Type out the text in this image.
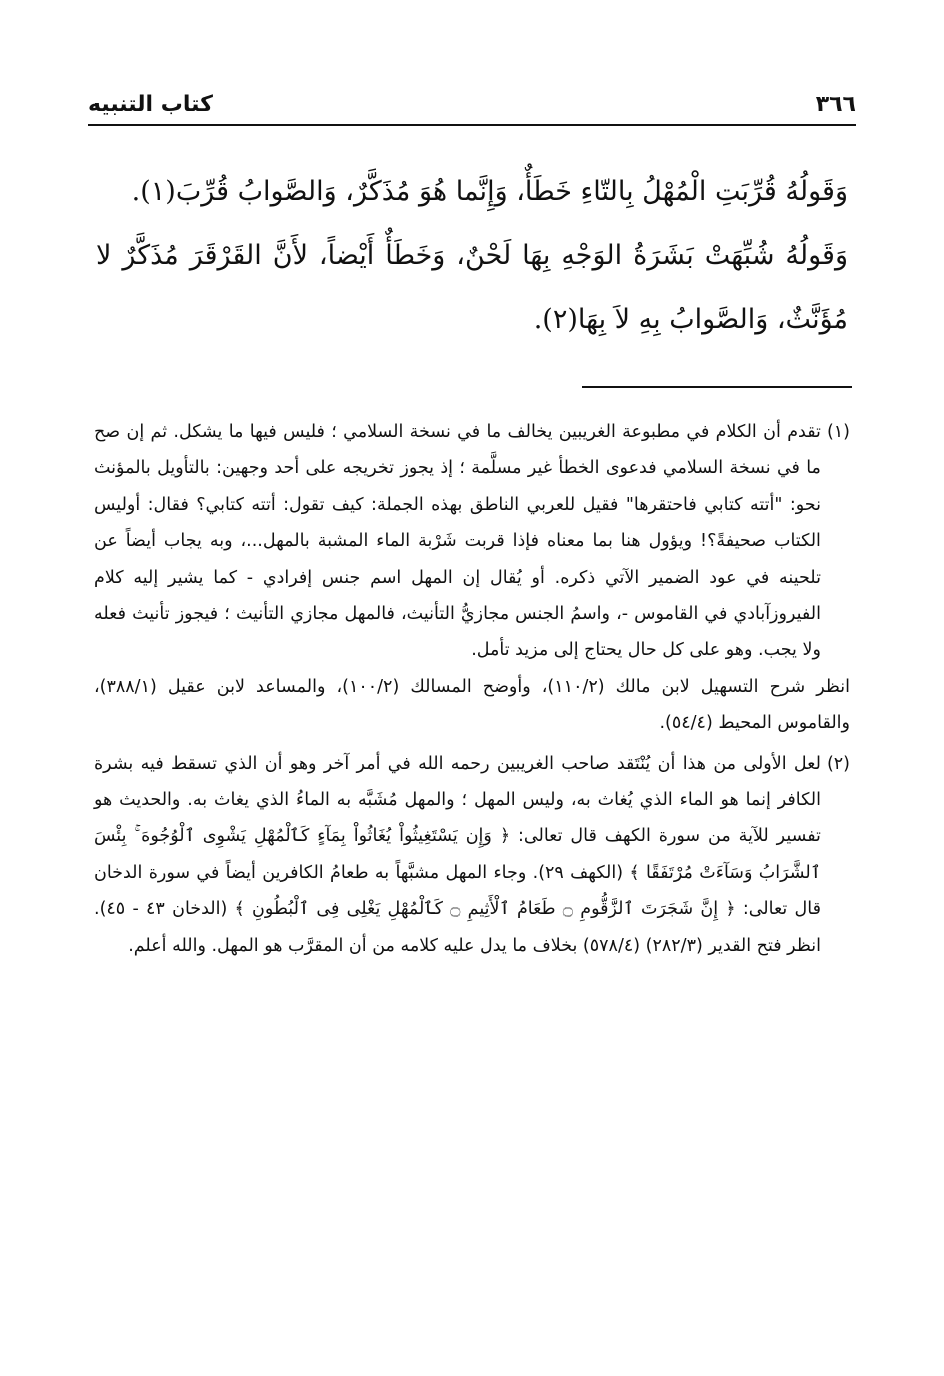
٣٦٦
كتاب التنبيه

وَقَولُهُ قُرِّبَتِ الْمُهْلُ بِالتّاءِ خَطَأٌ، وَإِنَّما هُوَ مُذَكَّرٌ، وَالصَّوابُ قُرِّبَ(١).

وَقَولُهُ شُبِّهَتْ بَشَرَةُ الوَجْهِ بِهَا لَحْنٌ، وَخَطَأٌ أَيْضاً، لأَنَّ القَرْقَرَ مُذَكَّرٌ لا مُؤَنَّثٌ، وَالصَّوابُ بِهِ لاَ بِهَا(٢).

(١)

تقدم أن الكلام في مطبوعة الغريبين يخالف ما في نسخة السلامي ؛ فليس فيها ما يشكل. ثم إن صح ما في نسخة السلامي فدعوى الخطأ غير مسلَّمة ؛ إذ يجوز تخريجه على أحد وجهين: بالتأويل بالمؤنث نحو: "أتته كتابي فاحتقرها" فقيل للعربي الناطق بهذه الجملة: كيف تقول: أتته كتابي؟ فقال: أوليس الكتاب صحيفةً؟! ويؤول هنا بما معناه فإذا قربت شَرْبة الماء المشبة بالمهل...، وبه يجاب أيضاً عن تلحينه في عود الضمير الآتي ذكره. أو يُقال إن المهل اسم جنس إفرادي - كما يشير إليه كلام الفيروزآبادي في القاموس -، واسمُ الجنس مجازيُّ التأنيث، فالمهل مجازي التأنيث ؛ فيجوز تأنيث فعله ولا يجب. وهو على كل حال يحتاج إلى مزيد تأمل.

انظر شرح التسهيل لابن مالك (١١٠/٢)، وأوضح المسالك (١٠٠/٢)، والمساعد لابن عقيل (٣٨٨/١)، والقاموس المحيط (٥٤/٤).

(٢)

لعل الأولى من هذا أن يُنْتَقد صاحب الغريبين رحمه الله في أمر آخر وهو أن الذي تسقط فيه بشرة الكافر إنما هو الماء الذي يُغاث به، وليس المهل ؛ والمهل مُشَبَّه به الماءُ الذي يغاث به. والحديث هو تفسير للآية من سورة الكهف قال تعالى: ﴿ وَإِن يَسْتَغِيثُواْ يُغَاثُواْ بِمَآءٍ كَٱلْمُهْلِ يَشْوِى ٱلْوُجُوهَ ۚ بِئْسَ ٱلشَّرَابُ وَسَآءَتْ مُرْتَفَقًا ﴾ (الكهف ٢٩). وجاء المهل مشبَّهاً به طعامُ الكافرين أيضاً في سورة الدخان قال تعالى: ﴿ إِنَّ شَجَرَتَ ٱلزَّقُّومِ ۝ طَعَامُ ٱلْأَثِيمِ ۝ كَٱلْمُهْلِ يَغْلِى فِى ٱلْبُطُونِ ﴾ (الدخان ٤٣ - ٤٥). انظر فتح القدير (٢٨٢/٣) (٥٧٨/٤) بخلاف ما يدل عليه كلامه من أن المقرَّب هو المهل. والله أعلم.
